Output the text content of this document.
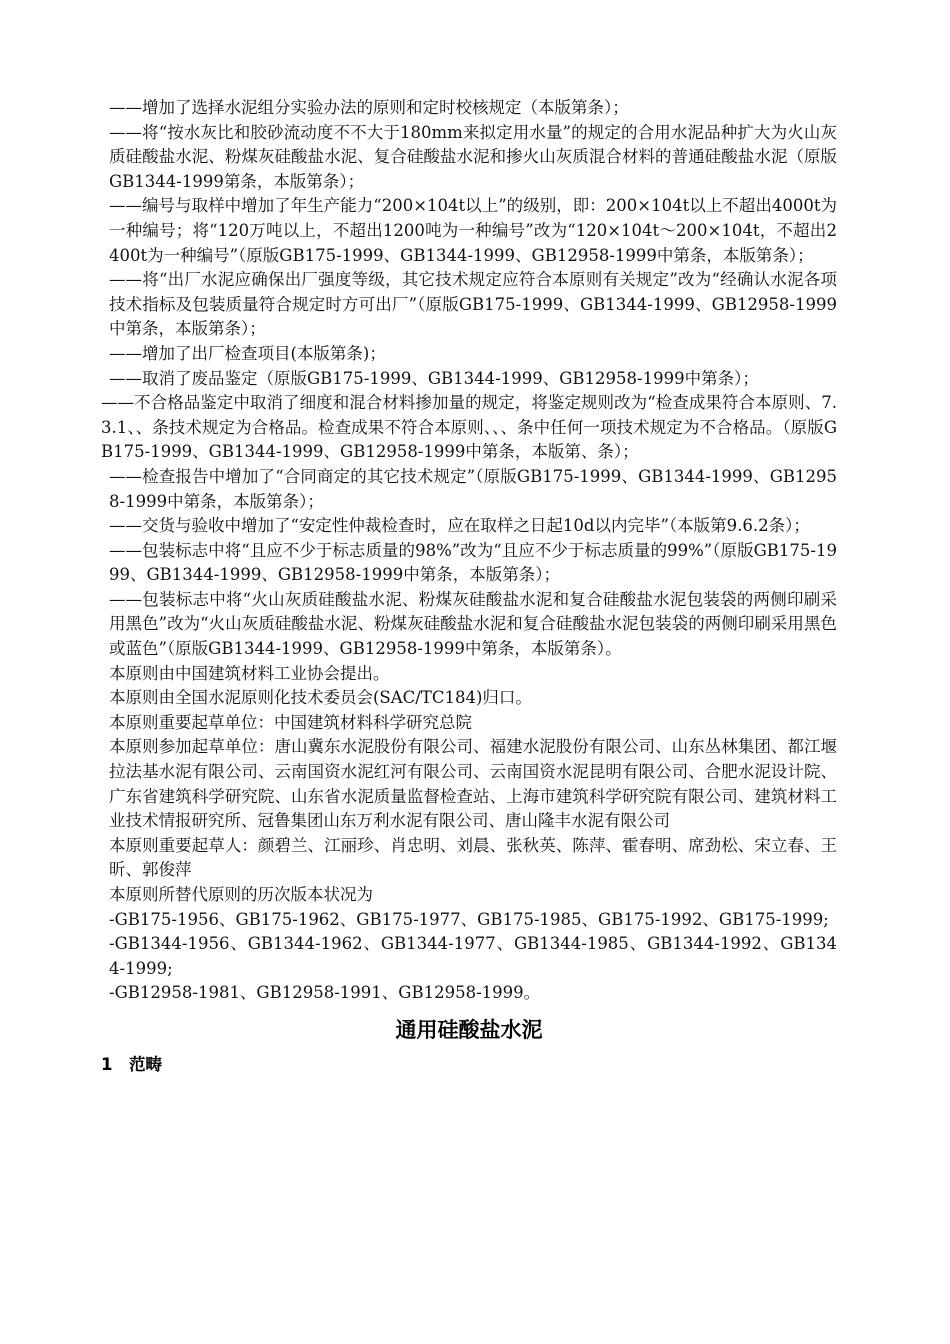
——增加了选择水泥组分实验办法的原则和定时校核规定（本版第条）；

——将“按水灰比和胶砂流动度不不大于180mm来拟定用水量”的规定的合用水泥品种扩大为火山灰质硅酸盐水泥、粉煤灰硅酸盐水泥、复合硅酸盐水泥和掺火山灰质混合材料的普通硅酸盐水泥（原版GB1344-1999第条，本版第条）；

——编号与取样中增加了年生产能力“200×104t以上”的级别，即：200×104t以上不超出4000t为一种编号；将“120万吨以上，不超出1200吨为一种编号”改为“120×104t～200×104t，不超出2400t为一种编号”（原版GB175-1999、GB1344-1999、GB12958-1999中第条，本版第条）；

——将“出厂水泥应确保出厂强度等级，其它技术规定应符合本原则有关规定”改为“经确认水泥各项技术指标及包装质量符合规定时方可出厂”（原版GB175-1999、GB1344-1999、GB12958-1999中第条，本版第条）；

——增加了出厂检查项目(本版第条)；

——取消了废品鉴定（原版GB175-1999、GB1344-1999、GB12958-1999中第条）；

——不合格品鉴定中取消了细度和混合材料掺加量的规定，将鉴定规则改为“检查成果符合本原则、7.3.1、、条技术规定为合格品。检查成果不符合本原则、、、条中任何一项技术规定为不合格品。（原版GB175-1999、GB1344-1999、GB12958-1999中第条，本版第、条）；

——检查报告中增加了“合同商定的其它技术规定”（原版GB175-1999、GB1344-1999、GB12958-1999中第条，本版第条）；

——交货与验收中增加了“安定性仲裁检查时，应在取样之日起10d以内完毕”（本版第9.6.2条）；

——包装标志中将“且应不少于标志质量的98%”改为“且应不少于标志质量的99%”（原版GB175-1999、GB1344-1999、GB12958-1999中第条，本版第条）；

——包装标志中将“火山灰质硅酸盐水泥、粉煤灰硅酸盐水泥和复合硅酸盐水泥包装袋的两侧印刷采用黑色”改为“火山灰质硅酸盐水泥、粉煤灰硅酸盐水泥和复合硅酸盐水泥包装袋的两侧印刷采用黑色或蓝色”（原版GB1344-1999、GB12958-1999中第条，本版第条）。

本原则由中国建筑材料工业协会提出。

本原则由全国水泥原则化技术委员会(SAC/TC184)归口。

本原则重要起草单位：中国建筑材料科学研究总院

本原则参加起草单位：唐山冀东水泥股份有限公司、福建水泥股份有限公司、山东丛林集团、都江堰拉法基水泥有限公司、云南国资水泥红河有限公司、云南国资水泥昆明有限公司、合肥水泥设计院、广东省建筑科学研究院、山东省水泥质量监督检查站、上海市建筑科学研究院有限公司、建筑材料工业技术情报研究所、冠鲁集团山东万利水泥有限公司、唐山隆丰水泥有限公司

本原则重要起草人：颜碧兰、江丽珍、肖忠明、刘晨、张秋英、陈萍、霍春明、席劲松、宋立春、王昕、郭俊萍

本原则所替代原则的历次版本状况为

-GB175-1956、GB175-1962、GB175-1977、GB175-1985、GB175-1992、GB175-1999;

-GB1344-1956、GB1344-1962、GB1344-1977、GB1344-1985、GB1344-1992、GB1344-1999;

-GB12958-1981、GB12958-1991、GB12958-1999。

通用硅酸盐水泥
1 范畴
